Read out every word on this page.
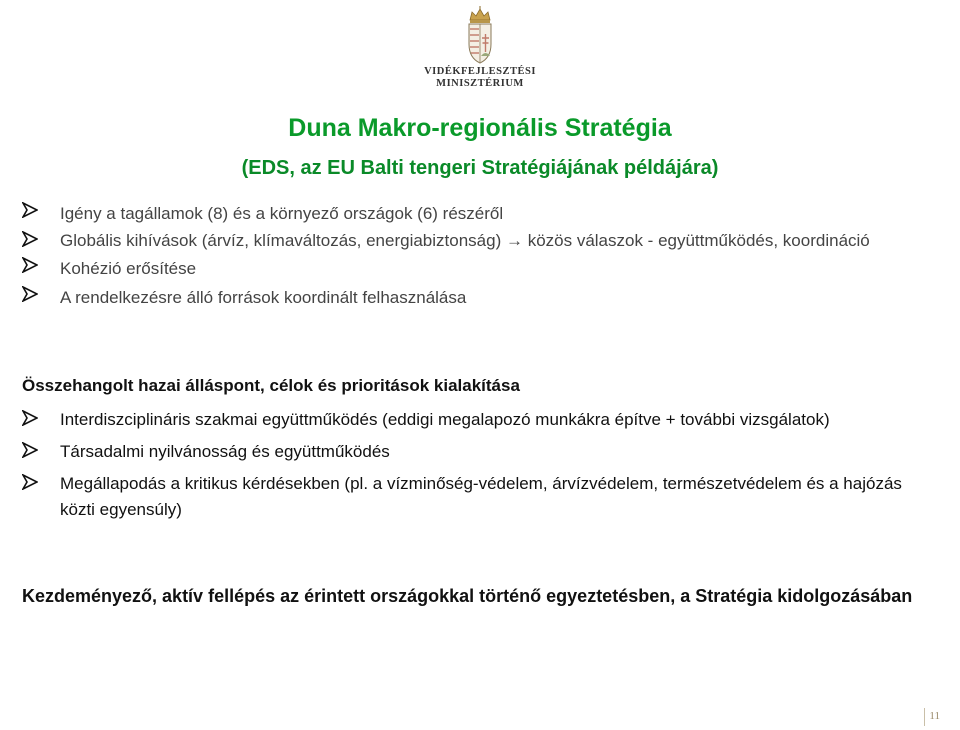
VIDÉKFEJLESZTÉSI
MINISZTÉRIUM
Duna Makro-regionális Stratégia
(EDS, az EU Balti tengeri Stratégiájának példájára)
Igény a tagállamok (8) és a környező országok (6) részéről
Globális kihívások (árvíz, klímaváltozás, energiabiztonság) → közös válaszok - együttműködés, koordináció
Kohézió erősítése
A rendelkezésre álló források koordinált felhasználása
Összehangolt hazai álláspont, célok és prioritások kialakítása
Interdiszciplináris szakmai együttműködés (eddigi megalapozó munkákra építve + további vizsgálatok)
Társadalmi nyilvánosság és együttműködés
Megállapodás a kritikus kérdésekben (pl. a vízminőség-védelem, árvízvédelem, természetvédelem és a hajózás közti egyensúly)
Kezdeményező, aktív fellépés az érintett országokkal történő egyeztetésben, a Stratégia kidolgozásában
11
